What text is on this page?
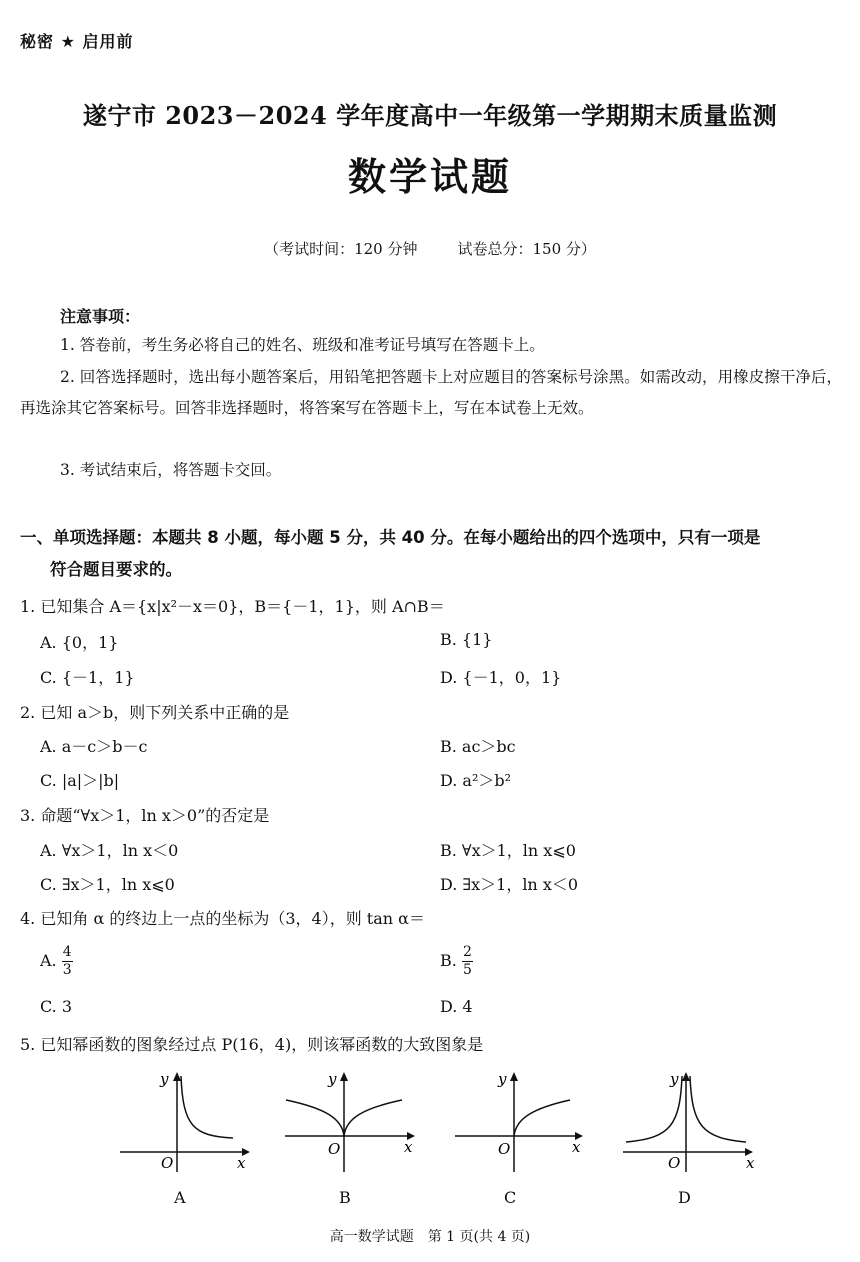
秘密 ★ 启用前
遂宁市 2023－2024 学年度高中一年级第一学期期末质量监测
数学试题
（考试时间：120 分钟	试卷总分：150 分）
注意事项：
1. 答卷前，考生务必将自己的姓名、班级和准考证号填写在答题卡上。
2. 回答选择题时，选出每小题答案后，用铅笔把答题卡上对应题目的答案标号涂黑。如需改动，用橡皮擦干净后，再选涂其它答案标号。回答非选择题时，将答案写在答题卡上，写在本试卷上无效。
3. 考试结束后，将答题卡交回。
一、单项选择题：本题共 8 小题，每小题 5 分，共 40 分。在每小题给出的四个选项中，只有一项是
符合题目要求的。
1. 已知集合 A＝{x|x²－x＝0}，B＝{－1，1}，则 A∩B＝
A. {0，1}	B. {1}
C. {－1，1}	D. {－1，0，1}
2. 已知 a＞b，则下列关系中正确的是
A. a－c＞b－c	B. ac＞bc
C. |a|＞|b|	D. a²＞b²
3. 命题“∀x＞1，ln x＞0”的否定是
A. ∀x＞1，ln x＜0	B. ∀x＞1，ln x⩽0
C. ∃x＞1，ln x⩽0	D. ∃x＞1，ln x＜0
4. 已知角 α 的终边上一点的坐标为（3，4），则 tan α＝
A. $\frac{4}{3}$	B. $\frac{2}{5}$
C. 3	D. 4
5. 已知幂函数的图象经过点 P(16，4)，则该幂函数的大致图象是
O	x
y
O	x
y
O	x
y
O	x
y
A	B	C	D
高一数学试题　第 1 页(共 4 页)
